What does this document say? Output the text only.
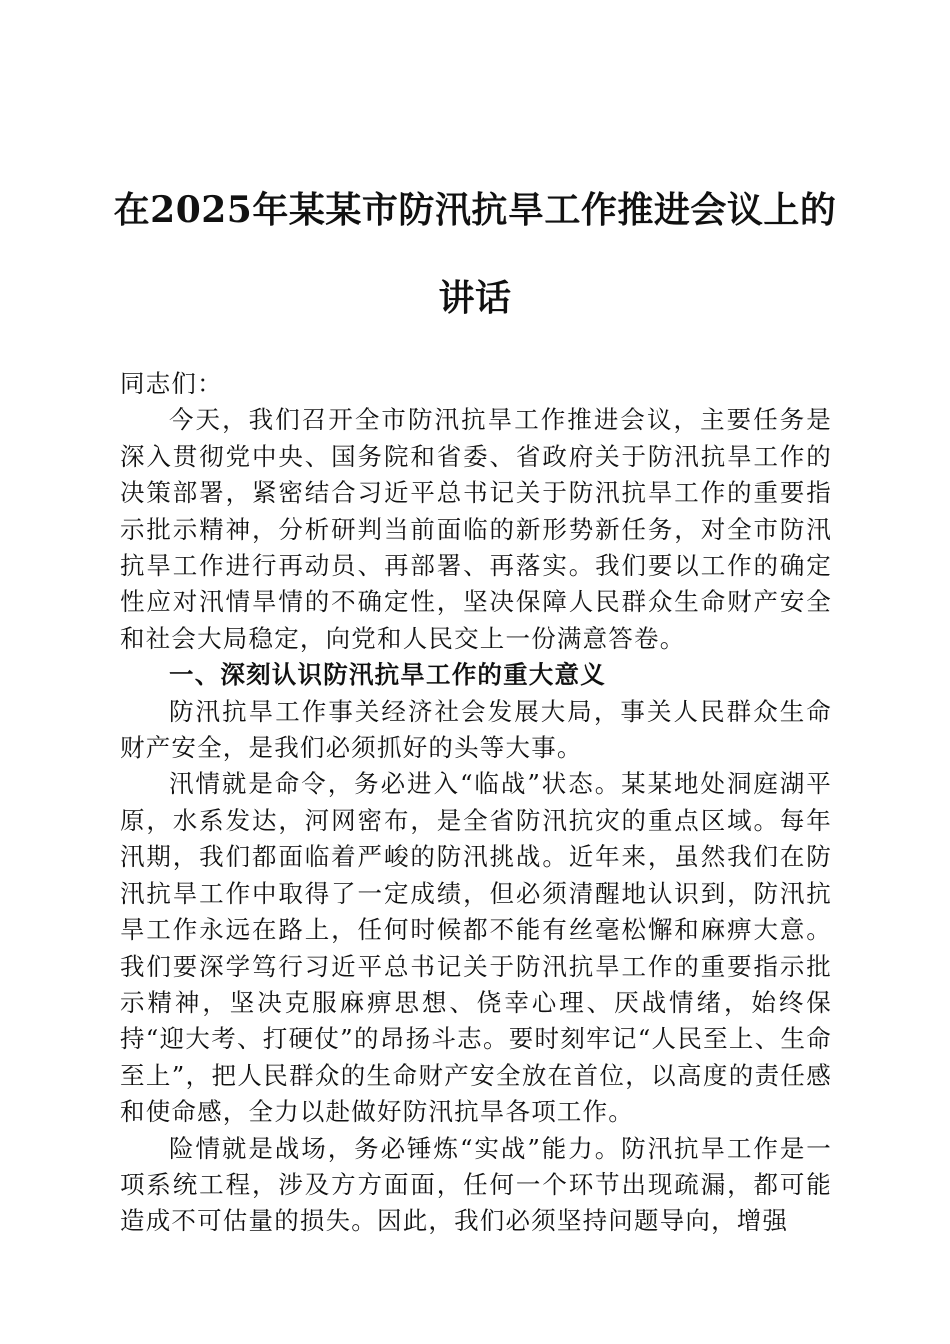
在2025年某某市防汛抗旱工作推进会议上的讲话

同志们：

今天，我们召开全市防汛抗旱工作推进会议，主要任务是深入贯彻党中央、国务院和省委、省政府关于防汛抗旱工作的决策部署，紧密结合习近平总书记关于防汛抗旱工作的重要指示批示精神，分析研判当前面临的新形势新任务，对全市防汛抗旱工作进行再动员、再部署、再落实。我们要以工作的确定性应对汛情旱情的不确定性，坚决保障人民群众生命财产安全和社会大局稳定，向党和人民交上一份满意答卷。

一、深刻认识防汛抗旱工作的重大意义

防汛抗旱工作事关经济社会发展大局，事关人民群众生命财产安全，是我们必须抓好的头等大事。

汛情就是命令，务必进入“临战”状态。某某地处洞庭湖平原，水系发达，河网密布，是全省防汛抗灾的重点区域。每年汛期，我们都面临着严峻的防汛挑战。近年来，虽然我们在防汛抗旱工作中取得了一定成绩，但必须清醒地认识到，防汛抗旱工作永远在路上，任何时候都不能有丝毫松懈和麻痹大意。我们要深学笃行习近平总书记关于防汛抗旱工作的重要指示批示精神，坚决克服麻痹思想、侥幸心理、厌战情绪，始终保持“迎大考、打硬仗”的昂扬斗志。要时刻牢记“人民至上、生命至上”，把人民群众的生命财产安全放在首位，以高度的责任感和使命感，全力以赴做好防汛抗旱各项工作。

险情就是战场，务必锤炼“实战”能力。防汛抗旱工作是一项系统工程，涉及方方面面，任何一个环节出现疏漏，都可能造成不可估量的损失。因此，我们必须坚持问题导向，增强
